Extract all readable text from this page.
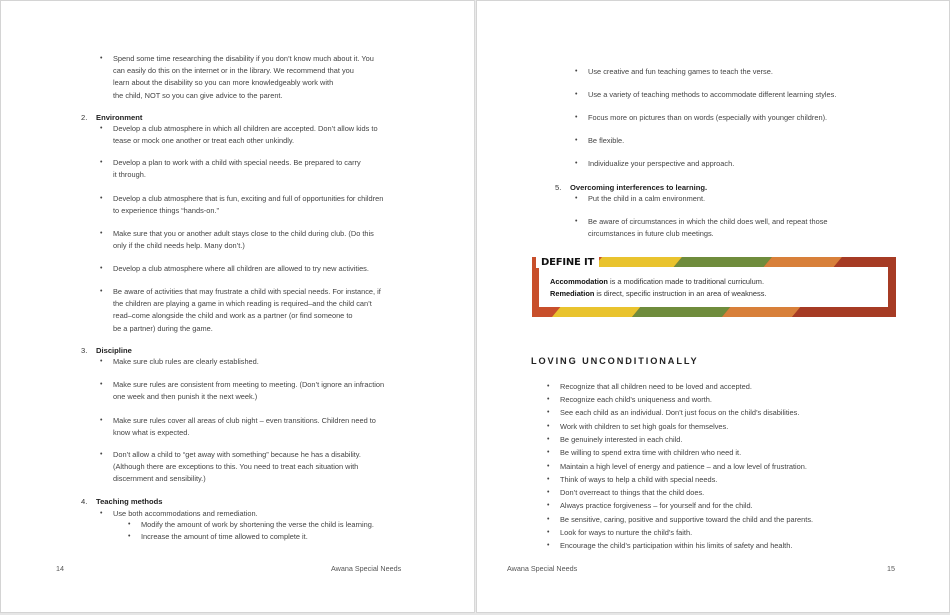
• Spend some time researching the disability if you don’t know much about it. You
can easily do this on the internet or in the library. We recommend that you
learn about the disability so you can more knowledgeably work with
the child, NOT so you can give advice to the parent.
2. Environment
• Develop a club atmosphere in which all children are accepted. Don’t allow kids to
tease or mock one another or treat each other unkindly.
• Develop a plan to work with a child with special needs. Be prepared to carry
it through.
• Develop a club atmosphere that is fun, exciting and full of opportunities for children
to experience things “hands-on.”
• Make sure that you or another adult stays close to the child during club. (Do this
only if the child needs help. Many don’t.)
• Develop a club atmosphere where all children are allowed to try new activities.
• Be aware of activities that may frustrate a child with special needs. For instance, if
the children are playing a game in which reading is required–and the child can’t
read–come alongside the child and work as a partner (or find someone to
be a partner) during the game.
3. Discipline
• Make sure club rules are clearly established.
• Make sure rules are consistent from meeting to meeting. (Don’t ignore an infraction
one week and then punish it the next week.)
• Make sure rules cover all areas of club night – even transitions. Children need to
know what is expected.
• Don’t allow a child to “get away with something” because he has a disability.
(Although there are exceptions to this. You need to treat each situation with
discernment and sensibility.)
4. Teaching methods
• Use both accommodations and remediation.
• Modify the amount of work by shortening the verse the child is learning.
• Increase the amount of time allowed to complete it.
14	Awana Special Needs
• Use creative and fun teaching games to teach the verse.
• Use a variety of teaching methods to accommodate different learning styles.
• Focus more on pictures than on words (especially with younger children).
• Be flexible.
• Individualize your perspective and approach.
5. Overcoming interferences to learning.
• Put the child in a calm environment.
• Be aware of circumstances in which the child does well, and repeat those
circumstances in future club meetings.

Accommodation is a modification made to traditional curriculum.

Remediation is direct, specific instruction in an area of weakness.

DEFINE IT
LOVING UNCONDITIONALLY
• Recognize that all children need to be loved and accepted.
• Recognize each child’s uniqueness and worth.
• See each child as an individual. Don’t just focus on the child’s disabilities.
• Work with children to set high goals for themselves.
• Be genuinely interested in each child.
• Be willing to spend extra time with children who need it.
• Maintain a high level of energy and patience – and a low level of frustration.
• Think of ways to help a child with special needs.
• Don’t overreact to things that the child does.
• Always practice forgiveness – for yourself and for the child.
• Be sensitive, caring, positive and supportive toward the child and the parents.
• Look for ways to nurture the child’s faith.
• Encourage the child’s participation within his limits of safety and health.
Awana Special Needs	15
